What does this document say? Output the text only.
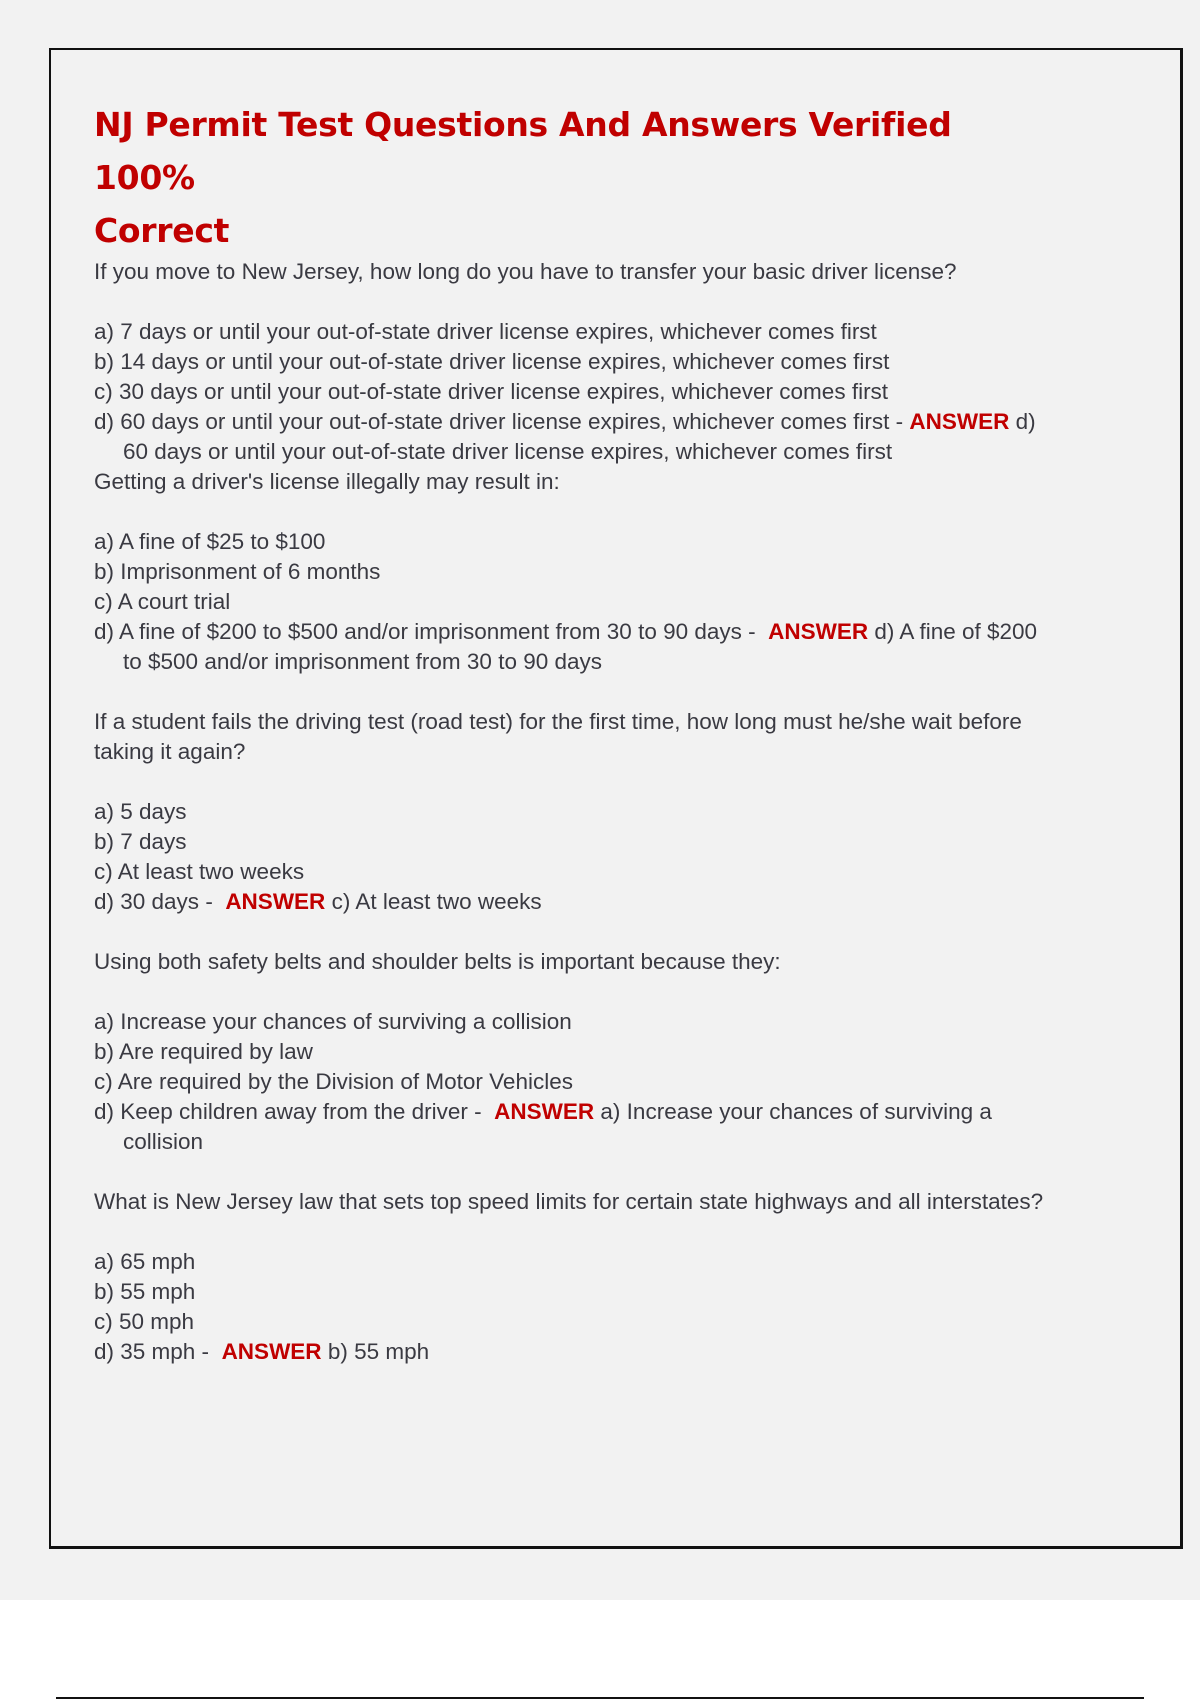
NJ Permit Test Questions And Answers Verified 100%
Correct
If you move to New Jersey, how long do you have to transfer your basic driver license?
a) 7 days or until your out-of-state driver license expires, whichever comes first
b) 14 days or until your out-of-state driver license expires, whichever comes first
c) 30 days or until your out-of-state driver license expires, whichever comes first
d) 60 days or until your out-of-state driver license expires, whichever comes first - ANSWER d) 60 days or until your out-of-state driver license expires, whichever comes first
Getting a driver's license illegally may result in:
a) A fine of $25 to $100
b) Imprisonment of 6 months
c) A court trial
d) A fine of $200 to $500 and/or imprisonment from 30 to 90 days -  ANSWER d) A fine of $200 to $500 and/or imprisonment from 30 to 90 days
If a student fails the driving test (road test) for the first time, how long must he/she wait before taking it again?
a) 5 days
b) 7 days
c) At least two weeks
d) 30 days -  ANSWER c) At least two weeks
Using both safety belts and shoulder belts is important because they:
a) Increase your chances of surviving a collision
b) Are required by law
c) Are required by the Division of Motor Vehicles
d) Keep children away from the driver -  ANSWER a) Increase your chances of surviving a collision
What is New Jersey law that sets top speed limits for certain state highways and all interstates?
a) 65 mph
b) 55 mph
c) 50 mph
d) 35 mph -  ANSWER b) 55 mph
